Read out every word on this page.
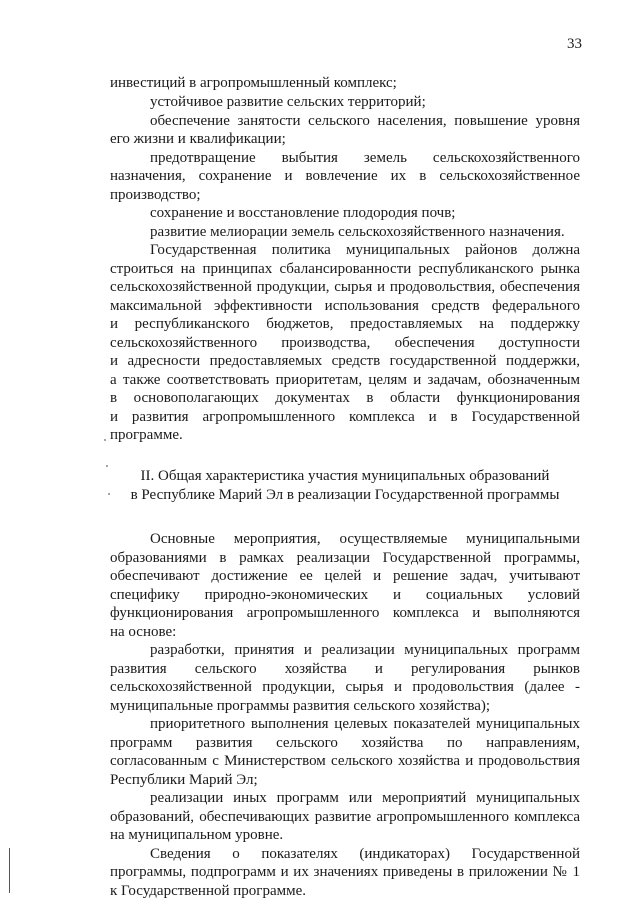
33
инвестиций в агропромышленный комплекс;
устойчивое развитие сельских территорий;
обеспечение занятости сельского населения, повышение уровня
его жизни и квалификации;
предотвращение выбытия земель сельскохозяйственного
назначения, сохранение и вовлечение их в сельскохозяйственное
производство;
сохранение и восстановление плодородия почв;
развитие мелиорации земель сельскохозяйственного назначения.
Государственная политика муниципальных районов должна
строиться на принципах сбалансированности республиканского рынка
сельскохозяйственной продукции, сырья и продовольствия, обеспечения
максимальной эффективности использования средств федерального
и республиканского бюджетов, предоставляемых на поддержку
сельскохозяйственного производства, обеспечения доступности
и адресности предоставляемых средств государственной поддержки,
а также соответствовать приоритетам, целям и задачам, обозначенным
в основополагающих документах в области функционирования
и развития агропромышленного комплекса и в Государственной
программе.
II. Общая характеристика участия муниципальных образований
в Республике Марий Эл в реализации Государственной программы
Основные мероприятия, осуществляемые муниципальными
образованиями в рамках реализации Государственной программы,
обеспечивают достижение ее целей и решение задач, учитывают
специфику природно-экономических и социальных условий
функционирования агропромышленного комплекса и выполняются
на основе:
разработки, принятия и реализации муниципальных программ
развития сельского хозяйства и регулирования рынков
сельскохозяйственной продукции, сырья и продовольствия (далее -
муниципальные программы развития сельского хозяйства);
приоритетного выполнения целевых показателей муниципальных
программ развития сельского хозяйства по направлениям,
согласованным с Министерством сельского хозяйства и продовольствия
Республики Марий Эл;
реализации иных программ или мероприятий муниципальных
образований, обеспечивающих развитие агропромышленного комплекса
на муниципальном уровне.
Сведения о показателях (индикаторах) Государственной
программы, подпрограмм и их значениях приведены в приложении № 1
к Государственной программе.
